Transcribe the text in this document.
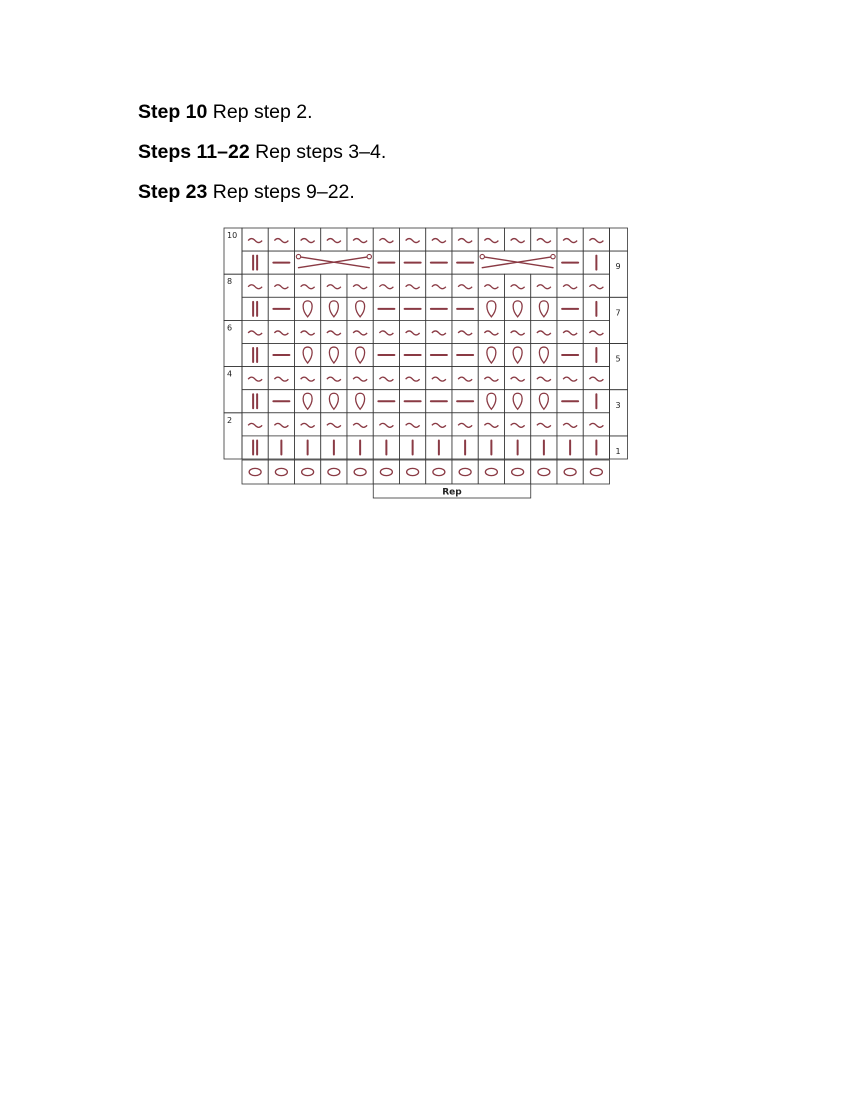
Step 10 Rep step 2.

Steps 11–22 Rep steps 3–4.

Step 23 Rep steps 9–22.

10
9
8
7
6
5
4
3
2
1
Rep
